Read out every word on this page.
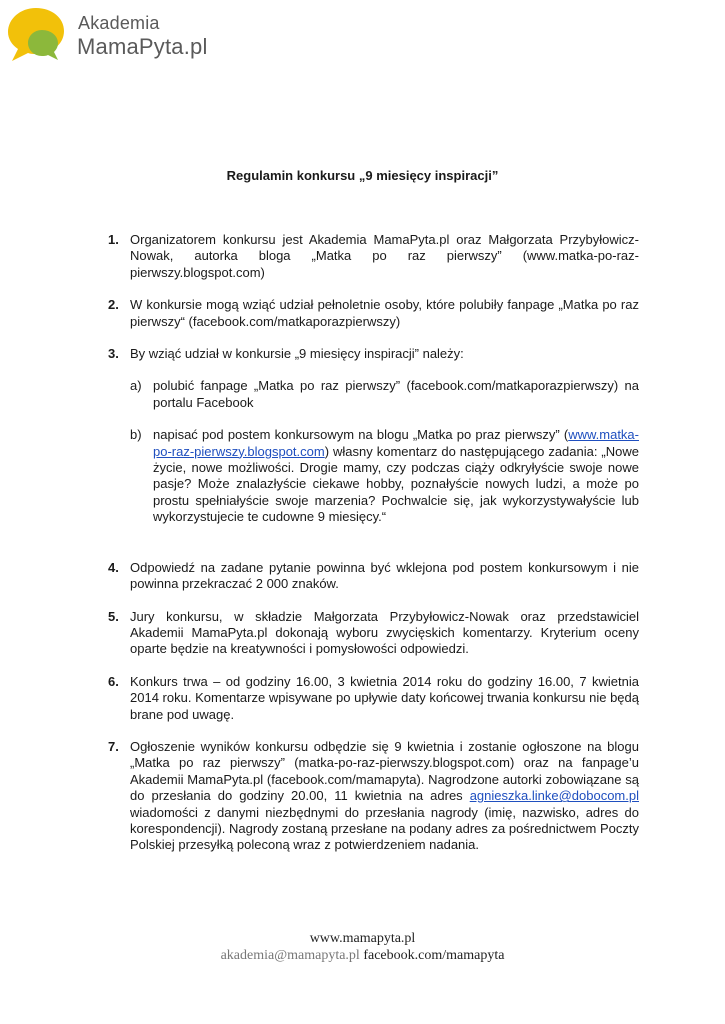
Akademia
MamaPyta.pl
Regulamin konkursu „9 miesięcy inspiracji”
1. Organizatorem konkursu jest Akademia MamaPyta.pl oraz Małgorzata Przybyłowicz-Nowak, autorka bloga „Matka po raz pierwszy” (www.matka-po-raz-pierwszy.blogspot.com)
2. W konkursie mogą wziąć udział pełnoletnie osoby, które polubiły fanpage „Matka po raz pierwszy“ (facebook.com/matkaporazpierwszy)
3. By wziąć udział w konkursie „9 miesięcy inspiracji” należy:
a) polubić fanpage „Matka po raz pierwszy” (facebook.com/matkaporazpierwszy) na portalu Facebook
b) napisać pod postem konkursowym na blogu „Matka po praz pierwszy” (www.matka-po-raz-pierwszy.blogspot.com) własny komentarz do następującego zadania: „Nowe życie, nowe możliwości. Drogie mamy, czy podczas ciąży odkryłyście swoje nowe pasje? Może znalazłyście ciekawe hobby, poznałyście nowych ludzi, a może po prostu spełniałyście swoje marzenia? Pochwalcie się, jak wykorzystywałyście lub wykorzystujecie te cudowne 9 miesięcy.“
4. Odpowiedź na zadane pytanie powinna być wklejona pod postem konkursowym i nie powinna przekraczać 2 000 znaków.
5. Jury konkursu, w składzie Małgorzata Przybyłowicz-Nowak oraz przedstawiciel Akademii MamaPyta.pl dokonają wyboru zwycięskich komentarzy. Kryterium oceny oparte będzie na kreatywności i pomysłowości odpowiedzi.
6. Konkurs trwa – od godziny 16.00, 3 kwietnia 2014 roku do godziny 16.00, 7 kwietnia 2014 roku. Komentarze wpisywane po upływie daty końcowej trwania konkursu nie będą brane pod uwagę.
7. Ogłoszenie wyników konkursu odbędzie się 9 kwietnia i zostanie ogłoszone na blogu „Matka po raz pierwszy” (matka-po-raz-pierwszy.blogspot.com) oraz na fanpage’u Akademii MamaPyta.pl (facebook.com/mamapyta). Nagrodzone autorki zobowiązane są do przesłania do godziny 20.00, 11 kwietnia na adres agnieszka.linke@dobocom.pl wiadomości z danymi niezbędnymi do przesłania nagrody (imię, nazwisko, adres do korespondencji). Nagrody zostaną przesłane na podany adres za pośrednictwem Poczty Polskiej przesyłką poleconą wraz z potwierdzeniem nadania.
www.mamapyta.pl
akademia@mamapyta.pl facebook.com/mamapyta
